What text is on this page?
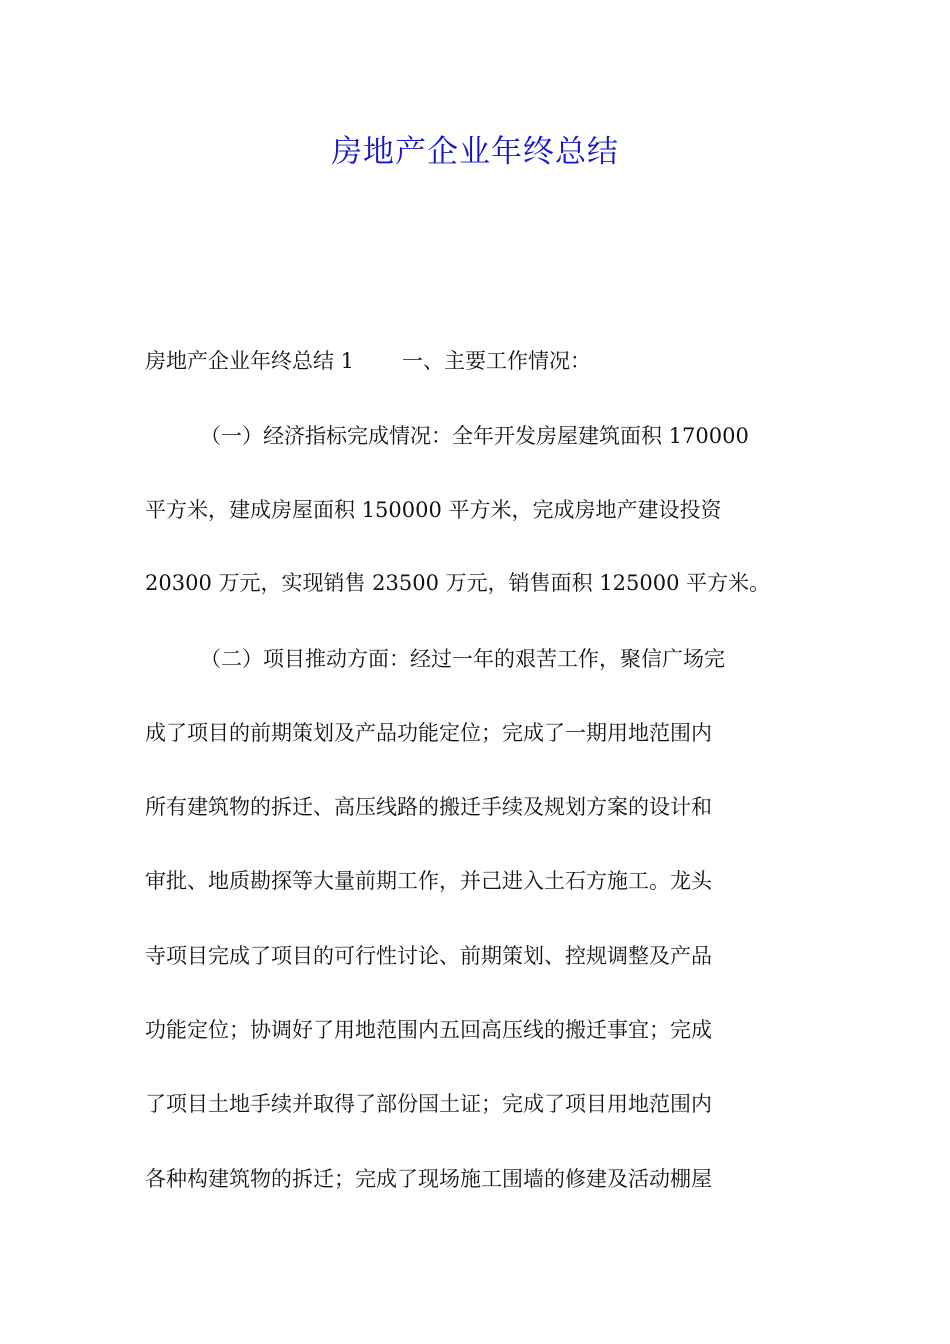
房地产企业年终总结
房地产企业年终总结 1 一、主要工作情况：
（一）经济指标完成情况：全年开发房屋建筑面积 170000
平方米，建成房屋面积 150000 平方米，完成房地产建设投资
20300 万元，实现销售 23500 万元，销售面积 125000 平方米。
（二）项目推动方面：经过一年的艰苦工作，聚信广场完
成了项目的前期策划及产品功能定位；完成了一期用地范围内
所有建筑物的拆迁、高压线路的搬迁手续及规划方案的设计和
审批、地质勘探等大量前期工作，并己进入土石方施工。龙头
寺项目完成了项目的可行性讨论、前期策划、控规调整及产品
功能定位；协调好了用地范围内五回高压线的搬迁事宜；完成
了项目土地手续并取得了部份国土证；完成了项目用地范围内
各种构建筑物的拆迁；完成了现场施工围墙的修建及活动棚屋
